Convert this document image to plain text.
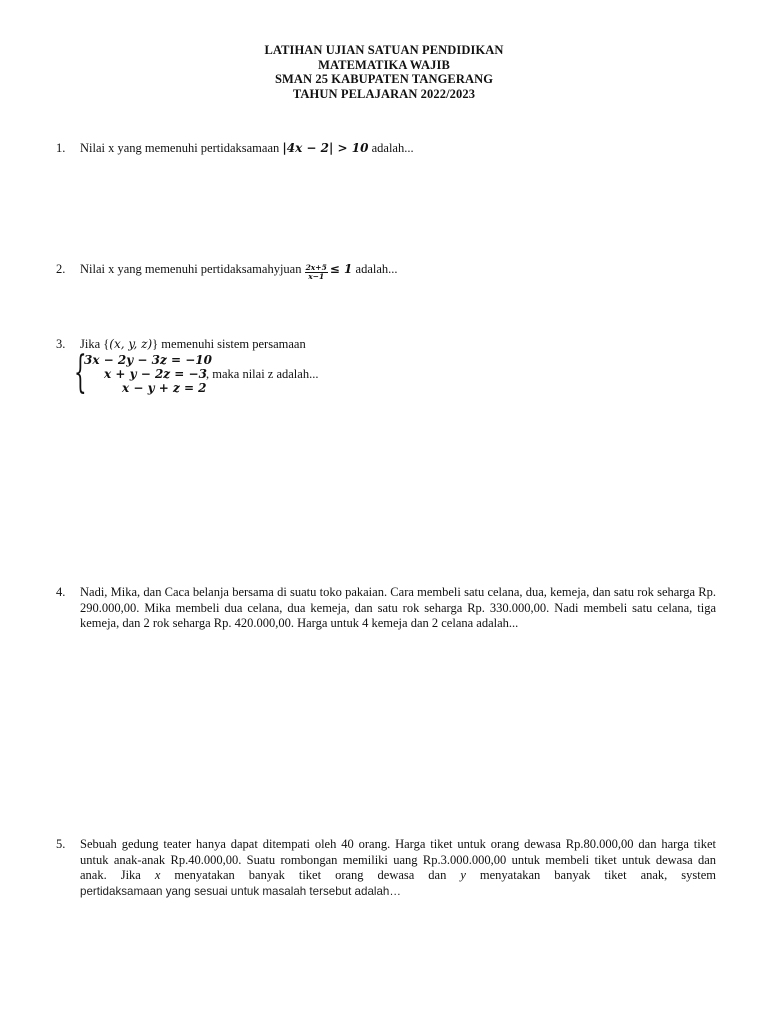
LATIHAN UJIAN SATUAN PENDIDIKAN
MATEMATIKA WAJIB
SMAN 25 KABUPATEN TANGERANG
TAHUN PELAJARAN 2022/2023
1.	Nilai x yang memenuhi pertidaksamaan |4x − 2| > 10 adalah...
2.	Nilai x yang memenuhi pertidaksamahyjuan $\frac{2x+5}{x-1} \le 1$ adalah...
3.	Jika {(x, y, z)} memenuhi sistem persamaan
{
3x − 2y − 3z = −10
x + y − 2z = −3
x − y + z = 2
, maka nilai z adalah...
4.	Nadi, Mika, dan Caca belanja bersama di suatu toko pakaian. Cara membeli satu celana, dua, kemeja, dan satu rok seharga Rp. 290.000,00. Mika membeli dua celana, dua kemeja, dan satu rok seharga Rp. 330.000,00. Nadi membeli satu celana, tiga kemeja, dan 2 rok seharga Rp. 420.000,00. Harga untuk 4 kemeja dan 2 celana adalah...
5.	Sebuah gedung teater hanya dapat ditempati oleh 40 orang. Harga tiket untuk orang dewasa Rp.80.000,00 dan harga tiket untuk anak-anak Rp.40.000,00. Suatu rombongan memiliki uang Rp.3.000.000,00 untuk membeli tiket untuk dewasa dan anak. Jika x menyatakan banyak tiket orang dewasa dan y menyatakan banyak tiket anak, system
pertidaksamaan yang sesuai untuk masalah tersebut adalah…
